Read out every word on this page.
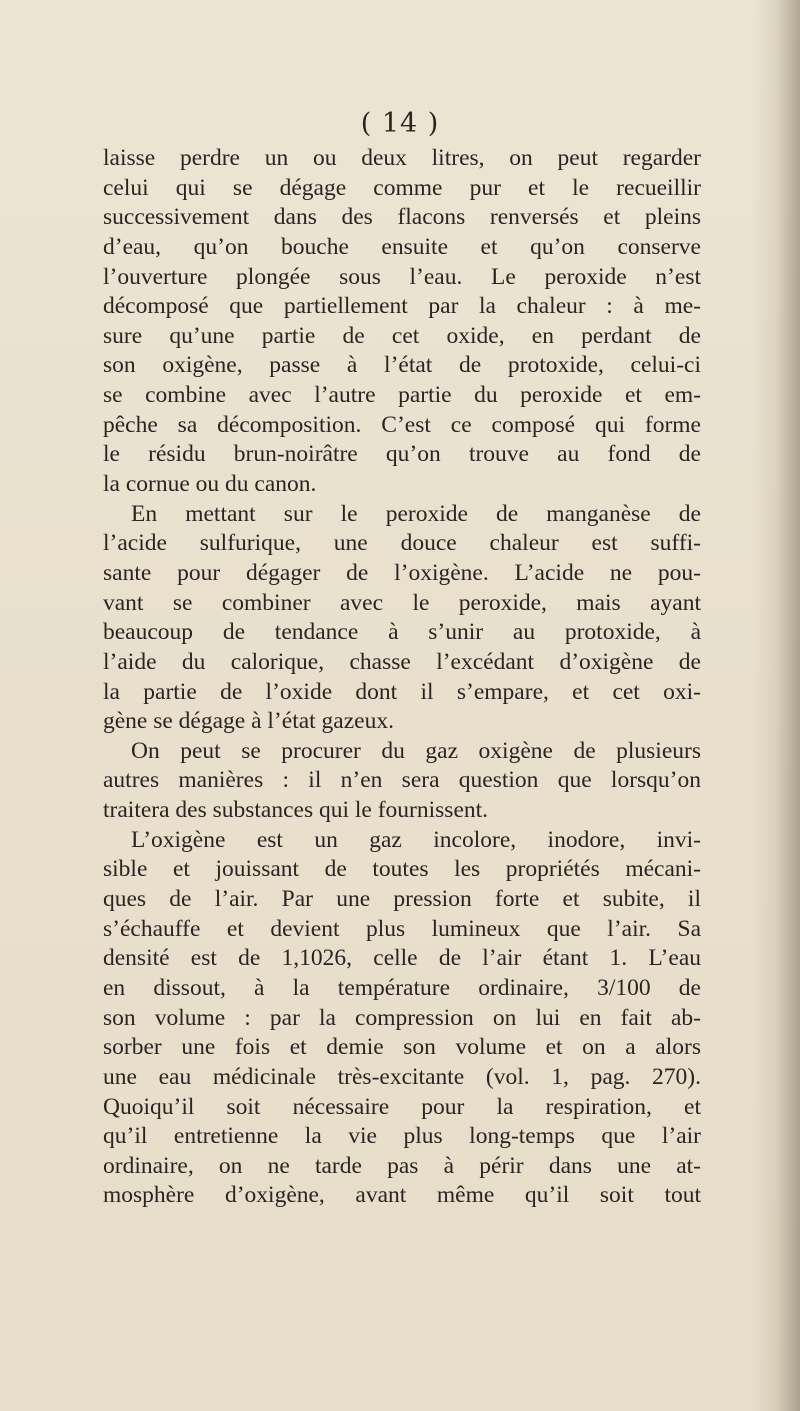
( 14 )
laisse perdre un ou deux litres, on peut regarder
celui qui se dégage comme pur et le recueillir
successivement dans des flacons renversés et pleins
d’eau, qu’on bouche ensuite et qu’on conserve
l’ouverture plongée sous l’eau. Le peroxide n’est
décomposé que partiellement par la chaleur : à me-
sure qu’une partie de cet oxide, en perdant de
son oxigène, passe à l’état de protoxide, celui-ci
se combine avec l’autre partie du peroxide et em-
pêche sa décomposition. C’est ce composé qui forme
le résidu brun-noirâtre qu’on trouve au fond de
la cornue ou du canon.
En mettant sur le peroxide de manganèse de
l’acide sulfurique, une douce chaleur est suffi-
sante pour dégager de l’oxigène. L’acide ne pou-
vant se combiner avec le peroxide, mais ayant
beaucoup de tendance à s’unir au protoxide, à
l’aide du calorique, chasse l’excédant d’oxigène de
la partie de l’oxide dont il s’empare, et cet oxi-
gène se dégage à l’état gazeux.
On peut se procurer du gaz oxigène de plusieurs
autres manières : il n’en sera question que lorsqu’on
traitera des substances qui le fournissent.
L’oxigène est un gaz incolore, inodore, invi-
sible et jouissant de toutes les propriétés mécani-
ques de l’air. Par une pression forte et subite, il
s’échauffe et devient plus lumineux que l’air. Sa
densité est de 1,1026, celle de l’air étant 1. L’eau
en dissout, à la température ordinaire, 3/100 de
son volume : par la compression on lui en fait ab-
sorber une fois et demie son volume et on a alors
une eau médicinale très-excitante (vol. 1, pag. 270).
Quoiqu’il soit nécessaire pour la respiration, et
qu’il entretienne la vie plus long-temps que l’air
ordinaire, on ne tarde pas à périr dans une at-
mosphère d’oxigène, avant même qu’il soit tout
